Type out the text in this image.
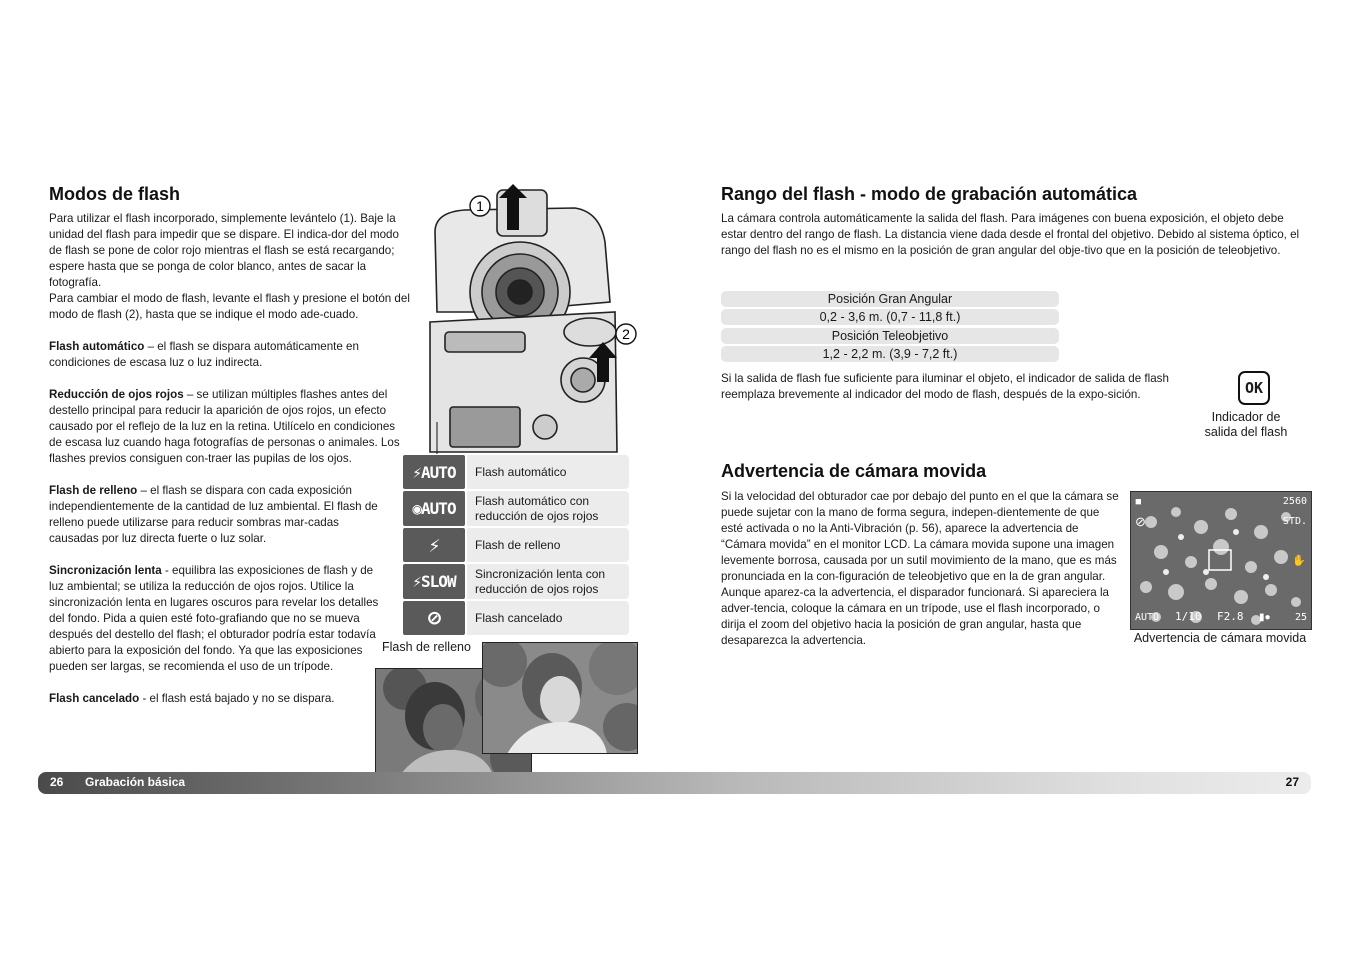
Modos de flash

Para utilizar el flash incorporado, simplemente levántelo (1). Baje la unidad del flash para impedir que se dispare. El indica-dor del modo de flash se pone de color rojo mientras el flash se está recargando; espere hasta que se ponga de color blanco, antes de sacar la fotografía.

Para cambiar el modo de flash, levante el flash y presione el botón del modo de flash (2), hasta que se indique el modo ade-cuado.

Flash automático – el flash se dispara automáticamente en condiciones de escasa luz o luz indirecta.

Reducción de ojos rojos – se utilizan múltiples flashes antes del destello principal para reducir la aparición de ojos rojos, un efecto causado por el reflejo de la luz en la retina. Utilícelo en condiciones de escasa luz cuando haga fotografías de personas o animales. Los flashes previos consiguen con-traer las pupilas de los ojos.

Flash de relleno – el flash se dispara con cada exposición independientemente de la cantidad de luz ambiental. El flash de relleno puede utilizarse para reducir sombras mar-cadas causadas por luz directa fuerte o luz solar.

Sincronización lenta - equilibra las exposiciones de flash y de luz ambiental; se utiliza la reducción de ojos rojos. Utilice la sincronización lenta en lugares oscuros para revelar los detalles del fondo. Pida a quien esté foto-grafiando que no se mueva después del destello del flash; el obturador podría estar todavía abierto para la exposición del fondo. Ya que las exposiciones pueden ser largas, se recomienda el uso de un trípode.

Flash cancelado - el flash está bajado y no se dispara.

1
2
⚡AUTO	Flash automático
◉AUTO	Flash automático con reducción de ojos rojos
⚡	Flash de relleno
⚡SLOW	Sincronización lenta con reducción de ojos rojos
⊘	Flash cancelado
Flash de relleno
Rango del flash - modo de grabación automática

La cámara controla automáticamente la salida del flash. Para imágenes con buena exposición, el objeto debe estar dentro del rango de flash. La distancia viene dada desde el frontal del objetivo. Debido al sistema óptico, el rango del flash no es el mismo en la posición de gran angular del obje-tivo que en la posición de teleobjetivo.

Posición Gran Angular
0,2 - 3,6 m. (0,7 - 11,8 ft.)
Posición Teleobjetivo
1,2 - 2,2 m. (3,9 - 7,2 ft.)

Si la salida de flash fue suficiente para iluminar el objeto, el indicador de salida de flash reemplaza brevemente al indicador del modo de flash, después de la expo-sición.	OK
Indicador de salida del flash
Advertencia de cámara movida

Si la velocidad del obturador cae por debajo del punto en el que la cámara se puede sujetar con la mano de forma segura, indepen-dientemente de que esté activada o no la Anti-Vibración (p. 56), aparece la advertencia de “Cámara movida” en el monitor LCD. La cámara movida supone una imagen levemente borrosa, causada por un sutil movimiento de la mano, que es más pronunciada en la con-figuración de teleobjetivo que en la de gran angular. Aunque aparez-ca la advertencia, el disparador funcionará. Si apareciera la adver-tencia, coloque la cámara en un trípode, use el flash incorporado, o dirija el zoom del objetivo hacia la posición de gran angular, hasta que desaparezca la advertencia.

■
⊘
2560
STD.
✋
AUTO 1/10 F2.8 ▮● 25
Advertencia de cámara movida
26 Grabación básica	27
